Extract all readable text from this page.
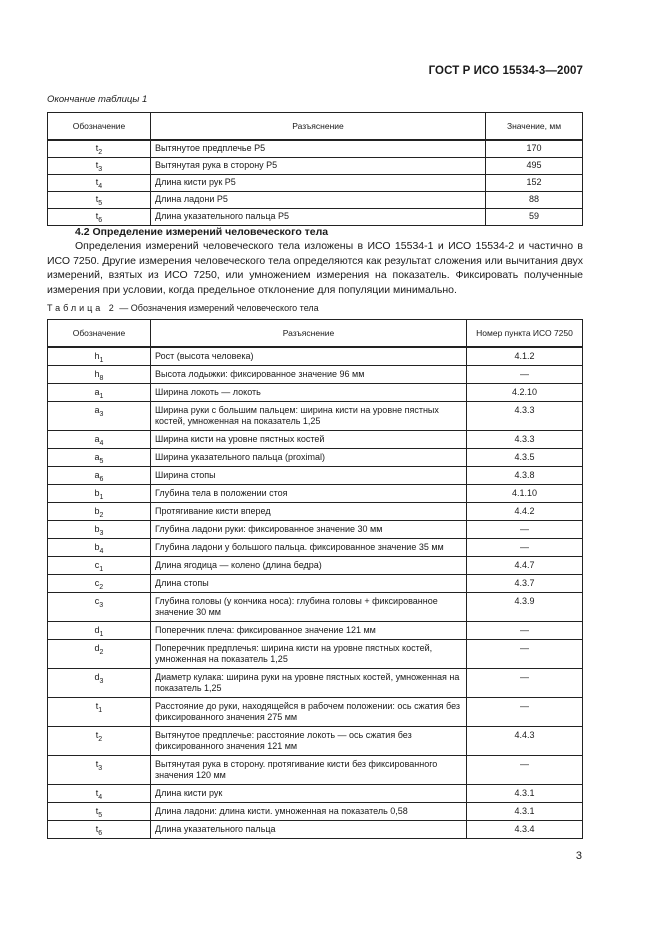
ГОСТ Р ИСО 15534-3—2007
Окончание таблицы 1
Обозначение	Разъяснение	Значение, мм
$t_2$	Вытянутое предплечье Р5	170
$t_3$	Вытянутая рука в сторону Р5	495
$t_4$	Длина кисти рук Р5	152
$t_5$	Длина ладони Р5	88
$t_6$	Длина указательного пальца Р5	59
4.2 Определение измерений человеческого тела
Определения измерений человеческого тела изложены в ИСО 15534-1 и ИСО 15534-2 и частично в ИСО 7250. Другие измерения человеческого тела определяются как результат сложения или вычитания двух измерений, взятых из ИСО 7250, или умножением измерения на показатель. Фиксировать полученные измерения при условии, когда предельное отклонение для популяции минимально.
Таблица 2 — Обозначения измерений человеческого тела
Обозначение	Разъяснение	Номер пункта ИСО 7250
$h_1$	Рост (высота человека)	4.1.2
$h_8$	Высота лодыжки: фиксированное значение 96 мм	—
$a_1$	Ширина локоть — локоть	4.2.10
$a_3$	Ширина руки с большим пальцем: ширина кисти на уровне пястных костей, умноженная на показатель 1,25	4.3.3
$a_4$	Ширина кисти на уровне пястных костей	4.3.3
$a_5$	Ширина указательного пальца (proximal)	4.3.5
$a_6$	Ширина стопы	4.3.8
$b_1$	Глубина тела в положении стоя	4.1.10
$b_2$	Протягивание кисти вперед	4.4.2
$b_3$	Глубина ладони руки: фиксированное значение 30 мм	—
$b_4$	Глубина ладони у большого пальца. фиксированное значение 35 мм	—
$c_1$	Длина ягодица — колено (длина бедра)	4.4.7
$c_2$	Длина стопы	4.3.7
$c_3$	Глубина головы (у кончика носа): глубина головы + фиксированное значение 30 мм	4.3.9
$d_1$	Поперечник плеча: фиксированное значение 121 мм	—
$d_2$	Поперечник предплечья: ширина кисти на уровне пястных костей, умноженная на показатель 1,25	—
$d_3$	Диаметр кулака: ширина руки на уровне пястных костей, умноженная на показатель 1,25	—
$t_1$	Расстояние до руки, находящейся в рабочем положении: ось сжатия без фиксированного значения 275 мм	—
$t_2$	Вытянутое предплечье: расстояние локоть — ось сжатия без фиксированного значения 121 мм	4.4.3
$t_3$	Вытянутая рука в сторону. протягивание кисти без фиксированного значения 120 мм	—
$t_4$	Длина кисти рук	4.3.1
$t_5$	Длина ладони: длина кисти. умноженная на показатель 0,58	4.3.1
$t_6$	Длина указательного пальца	4.3.4
3
